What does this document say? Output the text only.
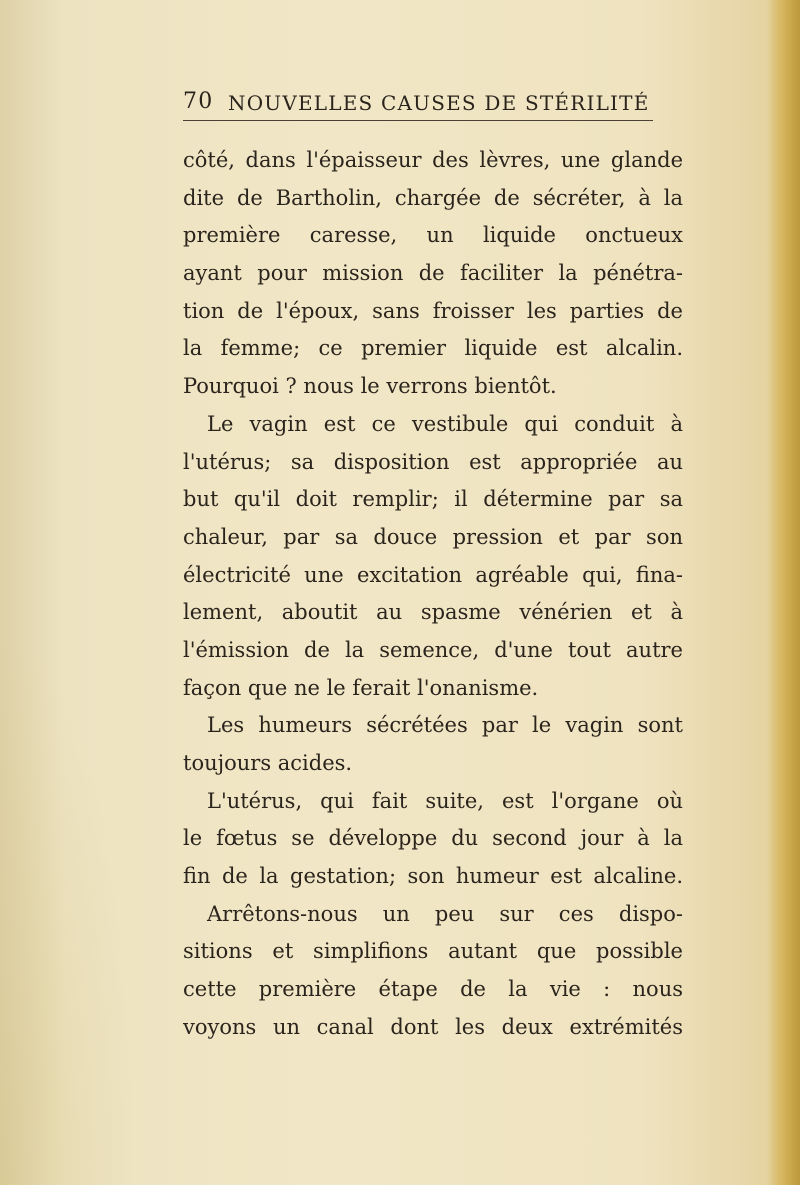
70 NOUVELLES CAUSES DE STÉRILITÉ
côté, dans l'épaisseur des lèvres, une glande
dite de Bartholin, chargée de sécréter, à la
première caresse, un liquide onctueux
ayant pour mission de faciliter la pénétra-
tion de l'époux, sans froisser les parties de
la femme; ce premier liquide est alcalin.
Pourquoi ? nous le verrons bientôt.
Le vagin est ce vestibule qui conduit à
l'utérus; sa disposition est appropriée au
but qu'il doit remplir; il détermine par sa
chaleur, par sa douce pression et par son
électricité une excitation agréable qui, fina-
lement, aboutit au spasme vénérien et à
l'émission de la semence, d'une tout autre
façon que ne le ferait l'onanisme.
Les humeurs sécrétées par le vagin sont
toujours acides.
L'utérus, qui fait suite, est l'organe où
le fœtus se développe du second jour à la
fin de la gestation; son humeur est alcaline.
Arrêtons-nous un peu sur ces dispo-
sitions et simplifions autant que possible
cette première étape de la vie : nous
voyons un canal dont les deux extrémités
